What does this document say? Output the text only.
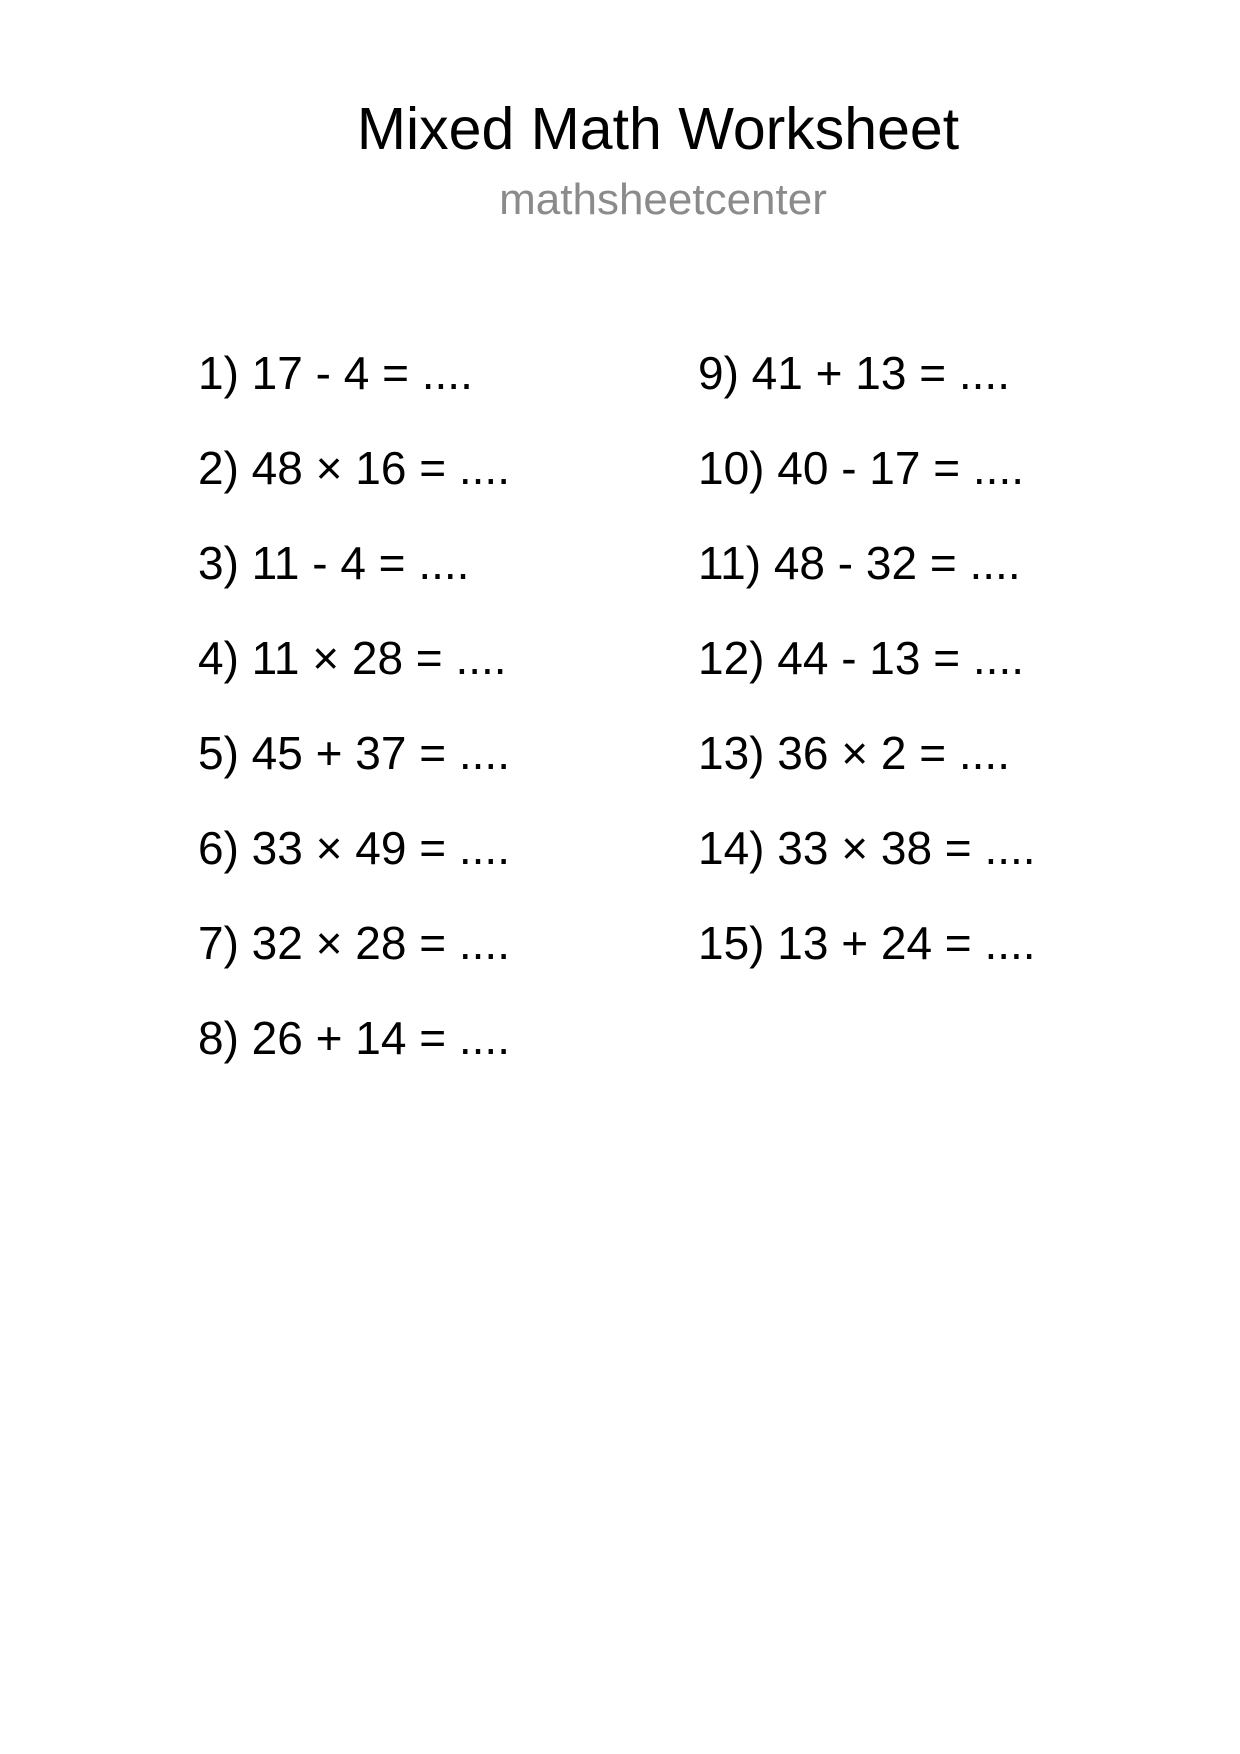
Mixed Math Worksheet
mathsheetcenter
1) 17 - 4 = ....
2) 48 × 16 = ....
3) 11 - 4 = ....
4) 11 × 28 = ....
5) 45 + 37 = ....
6) 33 × 49 = ....
7) 32 × 28 = ....
8) 26 + 14 = ....
9) 41 + 13 = ....
10) 40 - 17 = ....
11) 48 - 32 = ....
12) 44 - 13 = ....
13) 36 × 2 = ....
14) 33 × 38 = ....
15) 13 + 24 = ....
